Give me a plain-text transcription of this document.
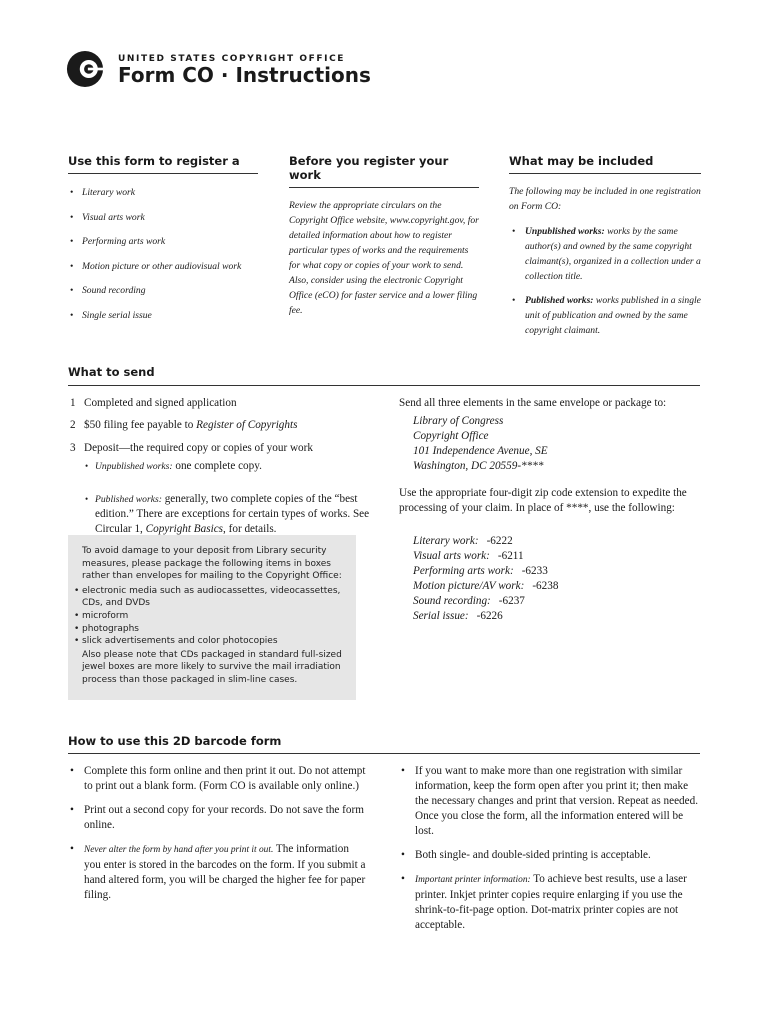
UNITED STATES COPYRIGHT OFFICE
Form CO · Instructions
Use this form to register a
• Literary work
• Visual arts work
• Performing arts work
• Motion picture or other audiovisual work
• Sound recording
• Single serial issue
Before you register your work

Review the appropriate circulars on the Copyright Office website, www.copyright.gov, for detailed information about how to register particular types of works and the requirements for what copy or copies of your work to send. Also, consider using the electronic Copyright Office (eCO) for faster service and a lower filing fee.

What may be included

The following may be included in one registration on Form CO:

• Unpublished works: works by the same author(s) and owned by the same copyright claimant(s), organized in a collection under a collection title.
• Published works: works published in a single unit of publication and owned by the same copyright claimant.
What to send
1 Completed and signed application
2 $50 filing fee payable to Register of Copyrights
3 Deposit—the required copy or copies of your work
• Unpublished works: one complete copy.
• Published works: generally, two complete copies of the “best edition.” There are exceptions for certain types of works. See Circular 1, Copyright Basics, for details.
To avoid damage to your deposit from Library security measures, please package the following items in boxes rather than envelopes for mailing to the Copyright Office:
• electronic media such as audiocassettes, videocassettes, CDs, and DVDs
• microform
• photographs
• slick advertisements and color photocopies
Also please note that CDs packaged in standard full-sized jewel boxes are more likely to survive the mail irradiation process than those packaged in slim-line cases.
Send all three elements in the same envelope or package to:
Library of Congress
Copyright Office
101 Independence Avenue, SE
Washington, DC 20559-****
Use the appropriate four-digit zip code extension to expedite the processing of your claim. In place of ****, use the following:
Literary work: -6222
Visual arts work: -6211
Performing arts work: -6233
Motion picture/AV work: -6238
Sound recording: -6237
Serial issue: -6226
How to use this 2D barcode form
• Complete this form online and then print it out. Do not attempt to print out a blank form. (Form CO is available only online.)
• Print out a second copy for your records. Do not save the form online.
• Never alter the form by hand after you print it out. The information you enter is stored in the barcodes on the form. If you submit a hand altered form, you will be charged the higher fee for paper filing.
• If you want to make more than one registration with similar information, keep the form open after you print it; then make the necessary changes and print that version. Repeat as needed. Once you close the form, all the information entered will be lost.
• Both single- and double-sided printing is acceptable.
• Important printer information: To achieve best results, use a laser printer. Inkjet printer copies require enlarging if you use the shrink-to-fit-page option. Dot-matrix printer copies are not acceptable.
